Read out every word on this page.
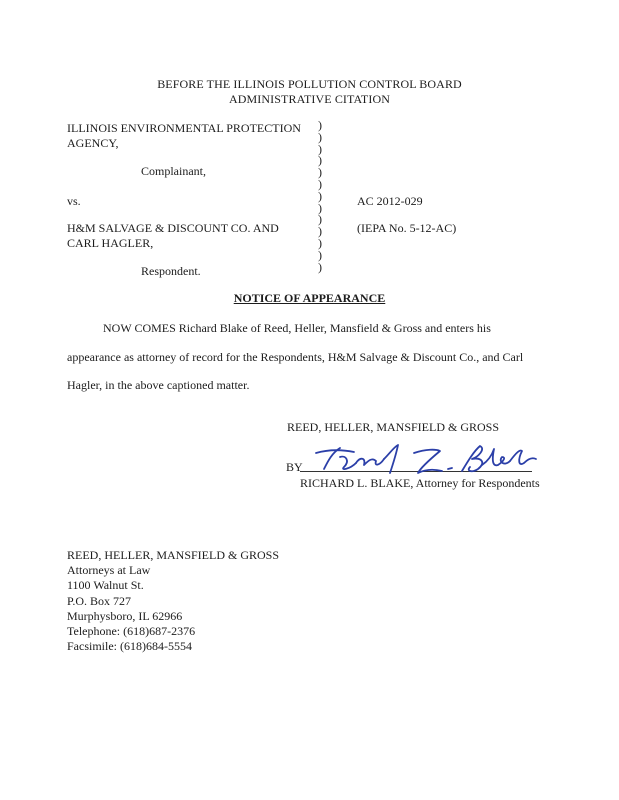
BEFORE THE ILLINOIS POLLUTION CONTROL BOARD
ADMINISTRATIVE CITATION
ILLINOIS ENVIRONMENTAL PROTECTION
AGENCY,
Complainant,
vs.
H&M SALVAGE & DISCOUNT CO. AND
CARL HAGLER,
Respondent.
)
)
)
)
)
)
)
)
)
)
)
)
)
AC 2012-029
(IEPA No. 5-12-AC)
NOTICE OF APPEARANCE
NOW COMES Richard Blake of Reed, Heller, Mansfield & Gross and enters his
appearance as attorney of record for the Respondents, H&M Salvage & Discount Co., and Carl
Hagler, in the above captioned matter.
REED, HELLER, MANSFIELD & GROSS
BY
RICHARD L. BLAKE, Attorney for Respondents
REED, HELLER, MANSFIELD & GROSS
Attorneys at Law
1100 Walnut St.
P.O. Box 727
Murphysboro, IL 62966
Telephone: (618)687-2376
Facsimile: (618)684-5554
